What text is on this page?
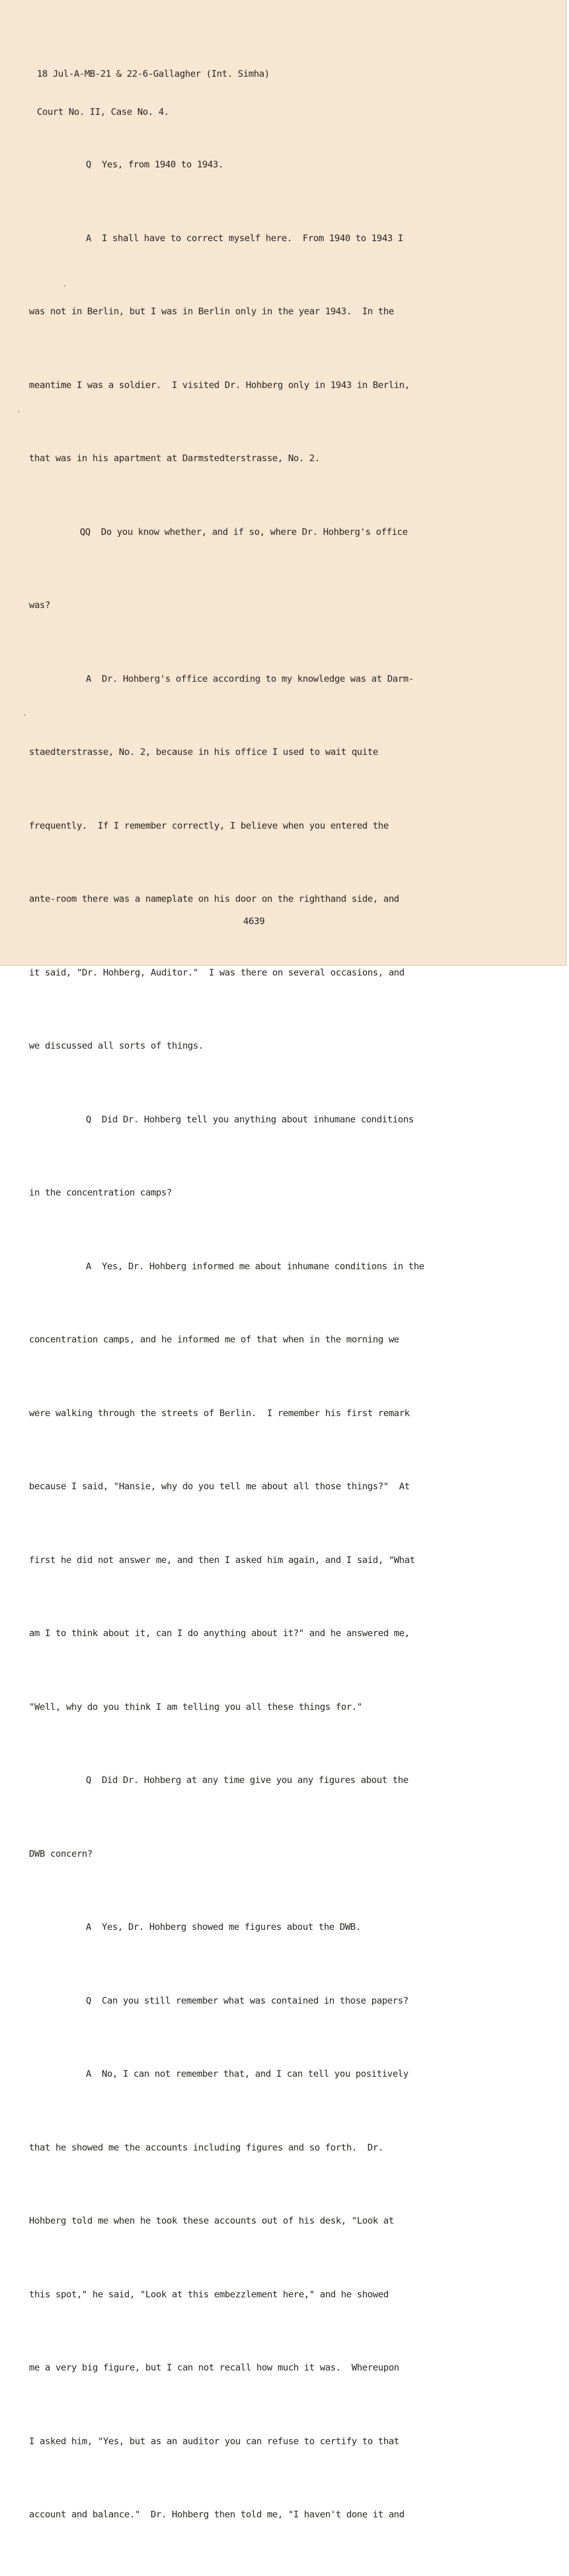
18 Jul-A-MB-21 & 22-6-Gallagher (Int. Simha)

Court No. II, Case No. 4.

Q  Yes, from 1940 to 1943.

A  I shall have to correct myself here.  From 1940 to 1943 I

was not in Berlin, but I was in Berlin only in the year 1943.  In the

meantime I was a soldier.  I visited Dr. Hohberg only in 1943 in Berlin,

that was in his apartment at Darmstedterstrasse, No. 2.

QQ  Do you know whether, and if so, where Dr. Hohberg's office

was?

A  Dr. Hohberg's office according to my knowledge was at Darm-

staedterstrasse, No. 2, because in his office I used to wait quite

frequently.  If I remember correctly, I believe when you entered the

ante-room there was a nameplate on his door on the righthand side, and

it said, "Dr. Hohberg, Auditor."  I was there on several occasions, and

we discussed all sorts of things.

Q  Did Dr. Hohberg tell you anything about inhumane conditions

in the concentration camps?

A  Yes, Dr. Hohberg informed me about inhumane conditions in the

concentration camps, and he informed me of that when in the morning we

were walking through the streets of Berlin.  I remember his first remark

because I said, "Hansie, why do you tell me about all those things?"  At

first he did not answer me, and then I asked him again, and I said, "What

am I to think about it, can I do anything about it?" and he answered me,

"Well, why do you think I am telling you all these things for."

Q  Did Dr. Hohberg at any time give you any figures about the

DWB concern?

A  Yes, Dr. Hohberg showed me figures about the DWB.

Q  Can you still remember what was contained in those papers?

A  No, I can not remember that, and I can tell you positively

that he showed me the accounts including figures and so forth.  Dr.

Hohberg told me when he took these accounts out of his desk, "Look at

this spot," he said, "Look at this embezzlement here," and he showed

me a very big figure, but I can not recall how much it was.  Whereupon

I asked him, "Yes, but as an auditor you can refuse to certify to that

account and balance."  Dr. Hohberg then told me, "I haven't done it and

4639
